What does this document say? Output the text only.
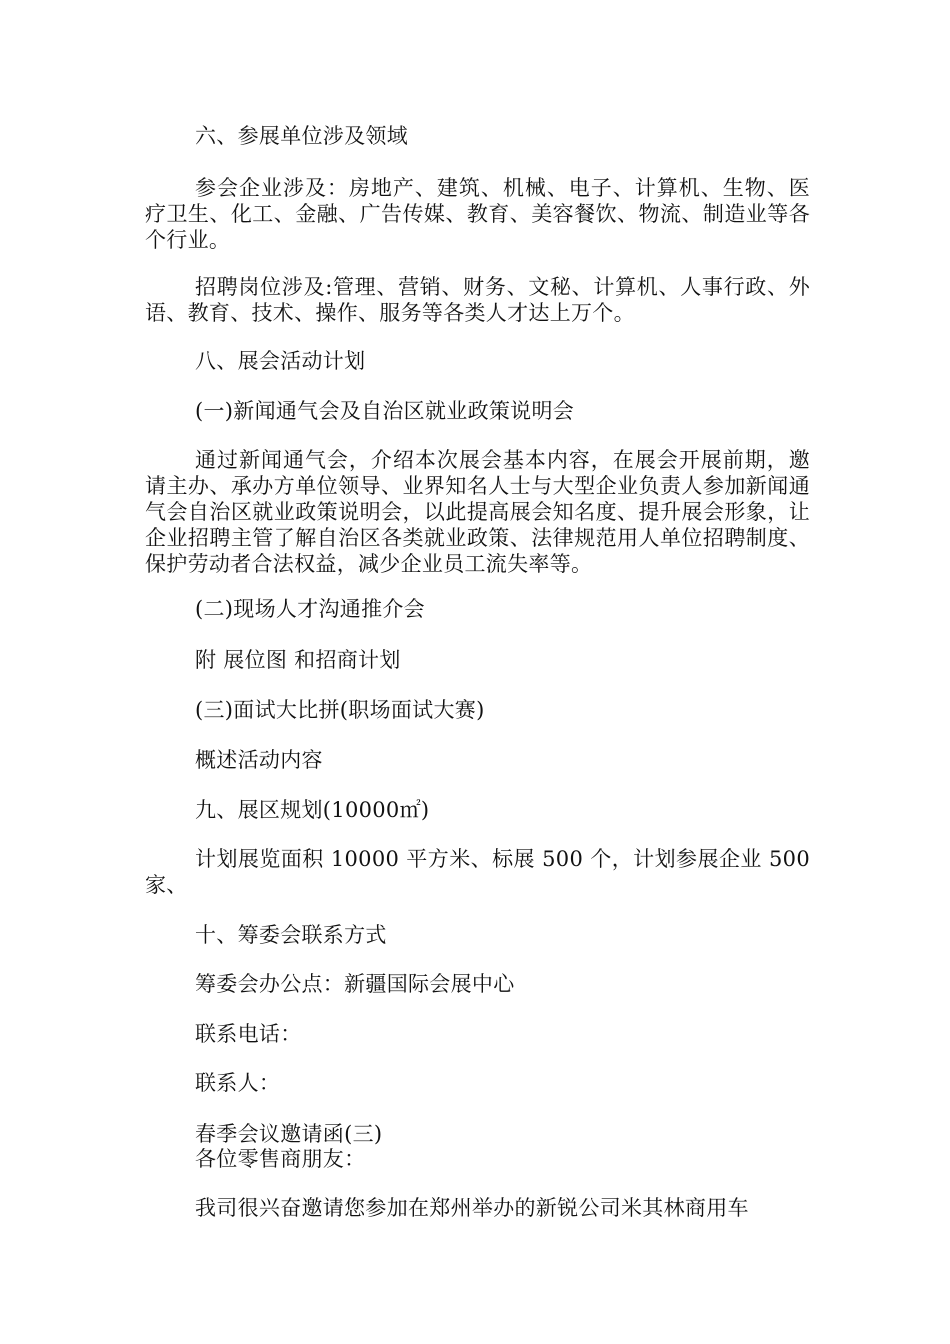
六、参展单位涉及领域

参会企业涉及：房地产、建筑、机械、电子、计算机、生物、医疗卫生、化工、金融、广告传媒、教育、美容餐饮、物流、制造业等各个行业。

招聘岗位涉及:管理、营销、财务、文秘、计算机、人事行政、外语、教育、技术、操作、服务等各类人才达上万个。

八、展会活动计划

(一)新闻通气会及自治区就业政策说明会

通过新闻通气会，介绍本次展会基本内容，在展会开展前期，邀请主办、承办方单位领导、业界知名人士与大型企业负责人参加新闻通气会自治区就业政策说明会，以此提高展会知名度、提升展会形象，让企业招聘主管了解自治区各类就业政策、法律规范用人单位招聘制度、保护劳动者合法权益，减少企业员工流失率等。

(二)现场人才沟通推介会

附 展位图 和招商计划

(三)面试大比拼(职场面试大赛)

概述活动内容

九、展区规划(10000㎡)

计划展览面积 10000 平方米、标展 500 个，计划参展企业 500 家、

十、筹委会联系方式

筹委会办公点：新疆国际会展中心

联系电话：

联系人：

春季会议邀请函(三)

各位零售商朋友：

我司很兴奋邀请您参加在郑州举办的新锐公司米其林商用车
